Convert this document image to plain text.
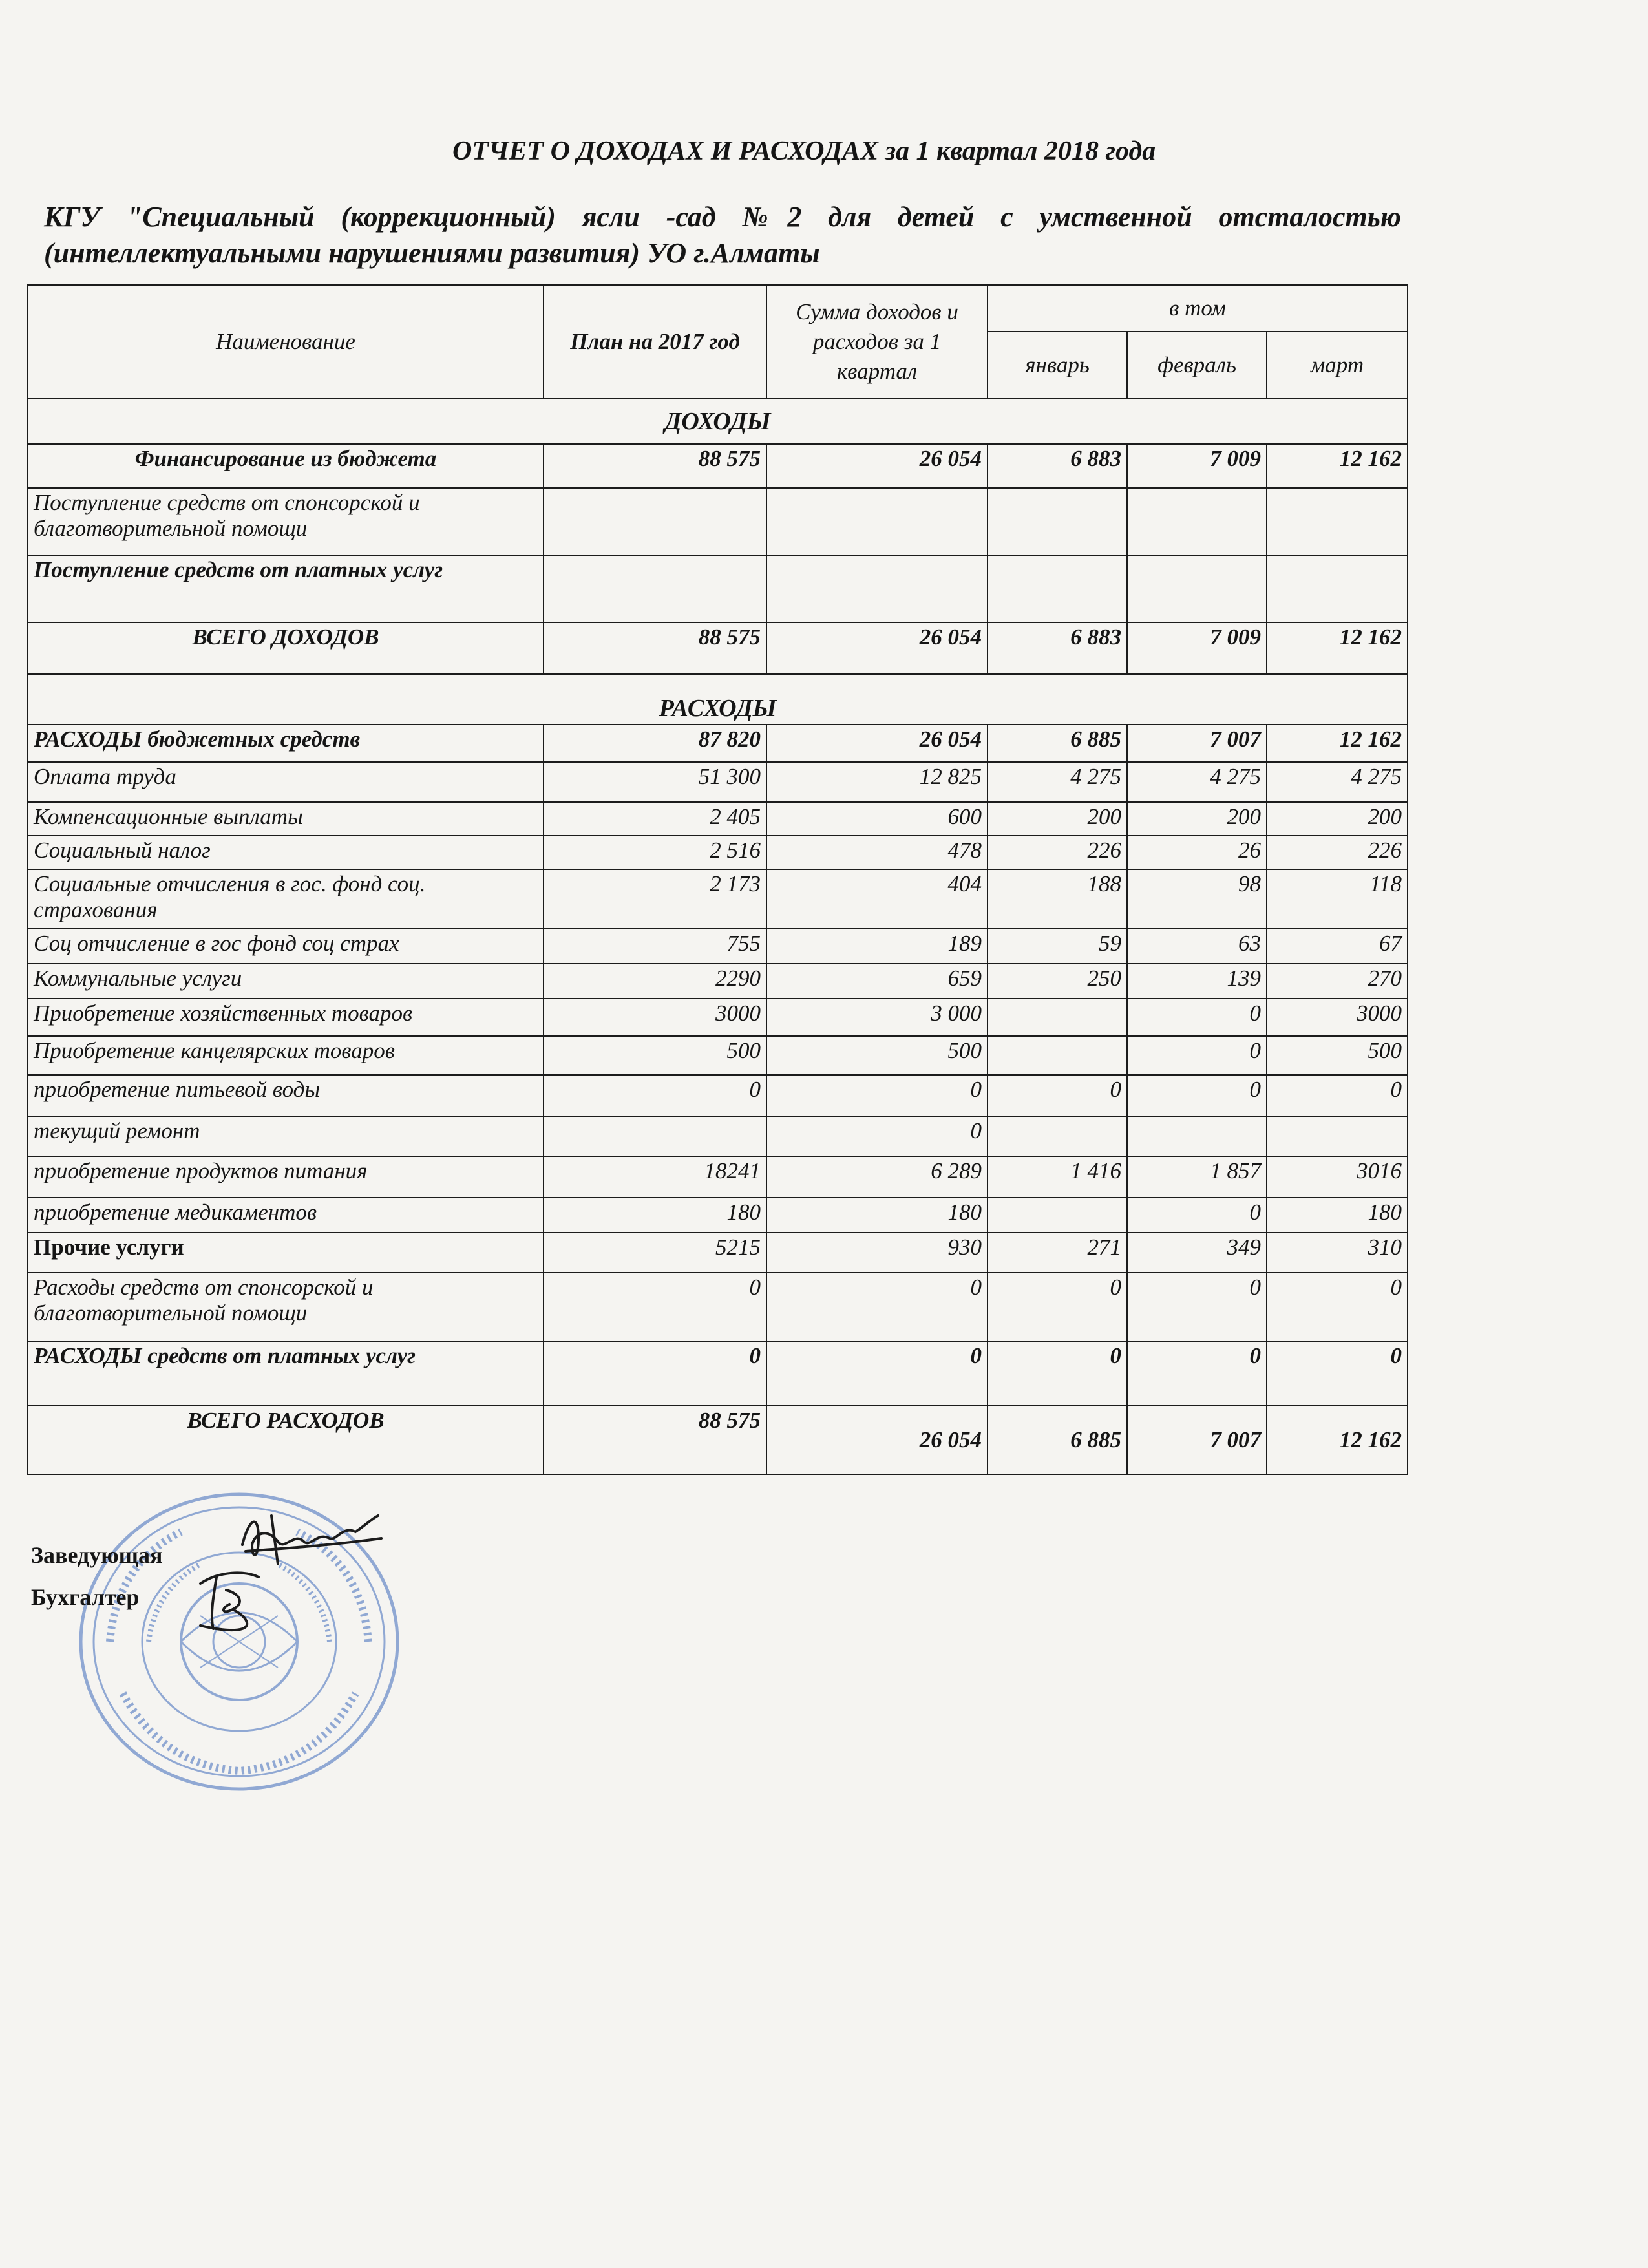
ОТЧЕТ О ДОХОДАХ И РАСХОДАХ за 1 квартал 2018 года
КГУ "Специальный (коррекционный) ясли -сад №2 для детей с умственной отсталостью (интеллектуальными нарушениями развития) УО г.Алматы
Наименование	План на 2017 год	Сумма доходов и расходов за 1 квартал	в том		
			январь	февраль	март
ДОХОДЫ					
Финансирование из бюджета	88 575	26 054	6 883	7 009	12 162
Поступление средств от спонсорской и благотворительной помощи					
Поступление средств от платных услуг					
ВСЕГО ДОХОДОВ	88 575	26 054	6 883	7 009	12 162
РАСХОДЫ					
РАСХОДЫ бюджетных средств	87 820	26 054	6 885	7 007	12 162
Оплата труда	51 300	12 825	4 275	4 275	4 275
Компенсационные выплаты	2 405	600	200	200	200
Социальный налог	2 516	478	226	26	226
Социальные отчисления в гос. фонд соц. страхования	2 173	404	188	98	118
Соц отчисление в гос фонд соц страх	755	189	59	63	67
Коммунальные услуги	2290	659	250	139	270
Приобретение хозяйственных товаров	3000	3 000		0	3000
Приобретение канцелярских товаров	500	500		0	500
приобретение питьевой воды	0	0	0	0	0
текущий ремонт		0			
приобретение продуктов питания	18241	6 289	1 416	1 857	3016
приобретение медикаментов	180	180		0	180
Прочие услуги	5215	930	271	349	310
Расходы средств от спонсорской и благотворительной помощи	0	0	0	0	0
РАСХОДЫ средств от платных услуг	0	0	0	0	0
ВСЕГО РАСХОДОВ	88 575	26 054	6 885	7 007	12 162
Заведующая
Бухгалтер
